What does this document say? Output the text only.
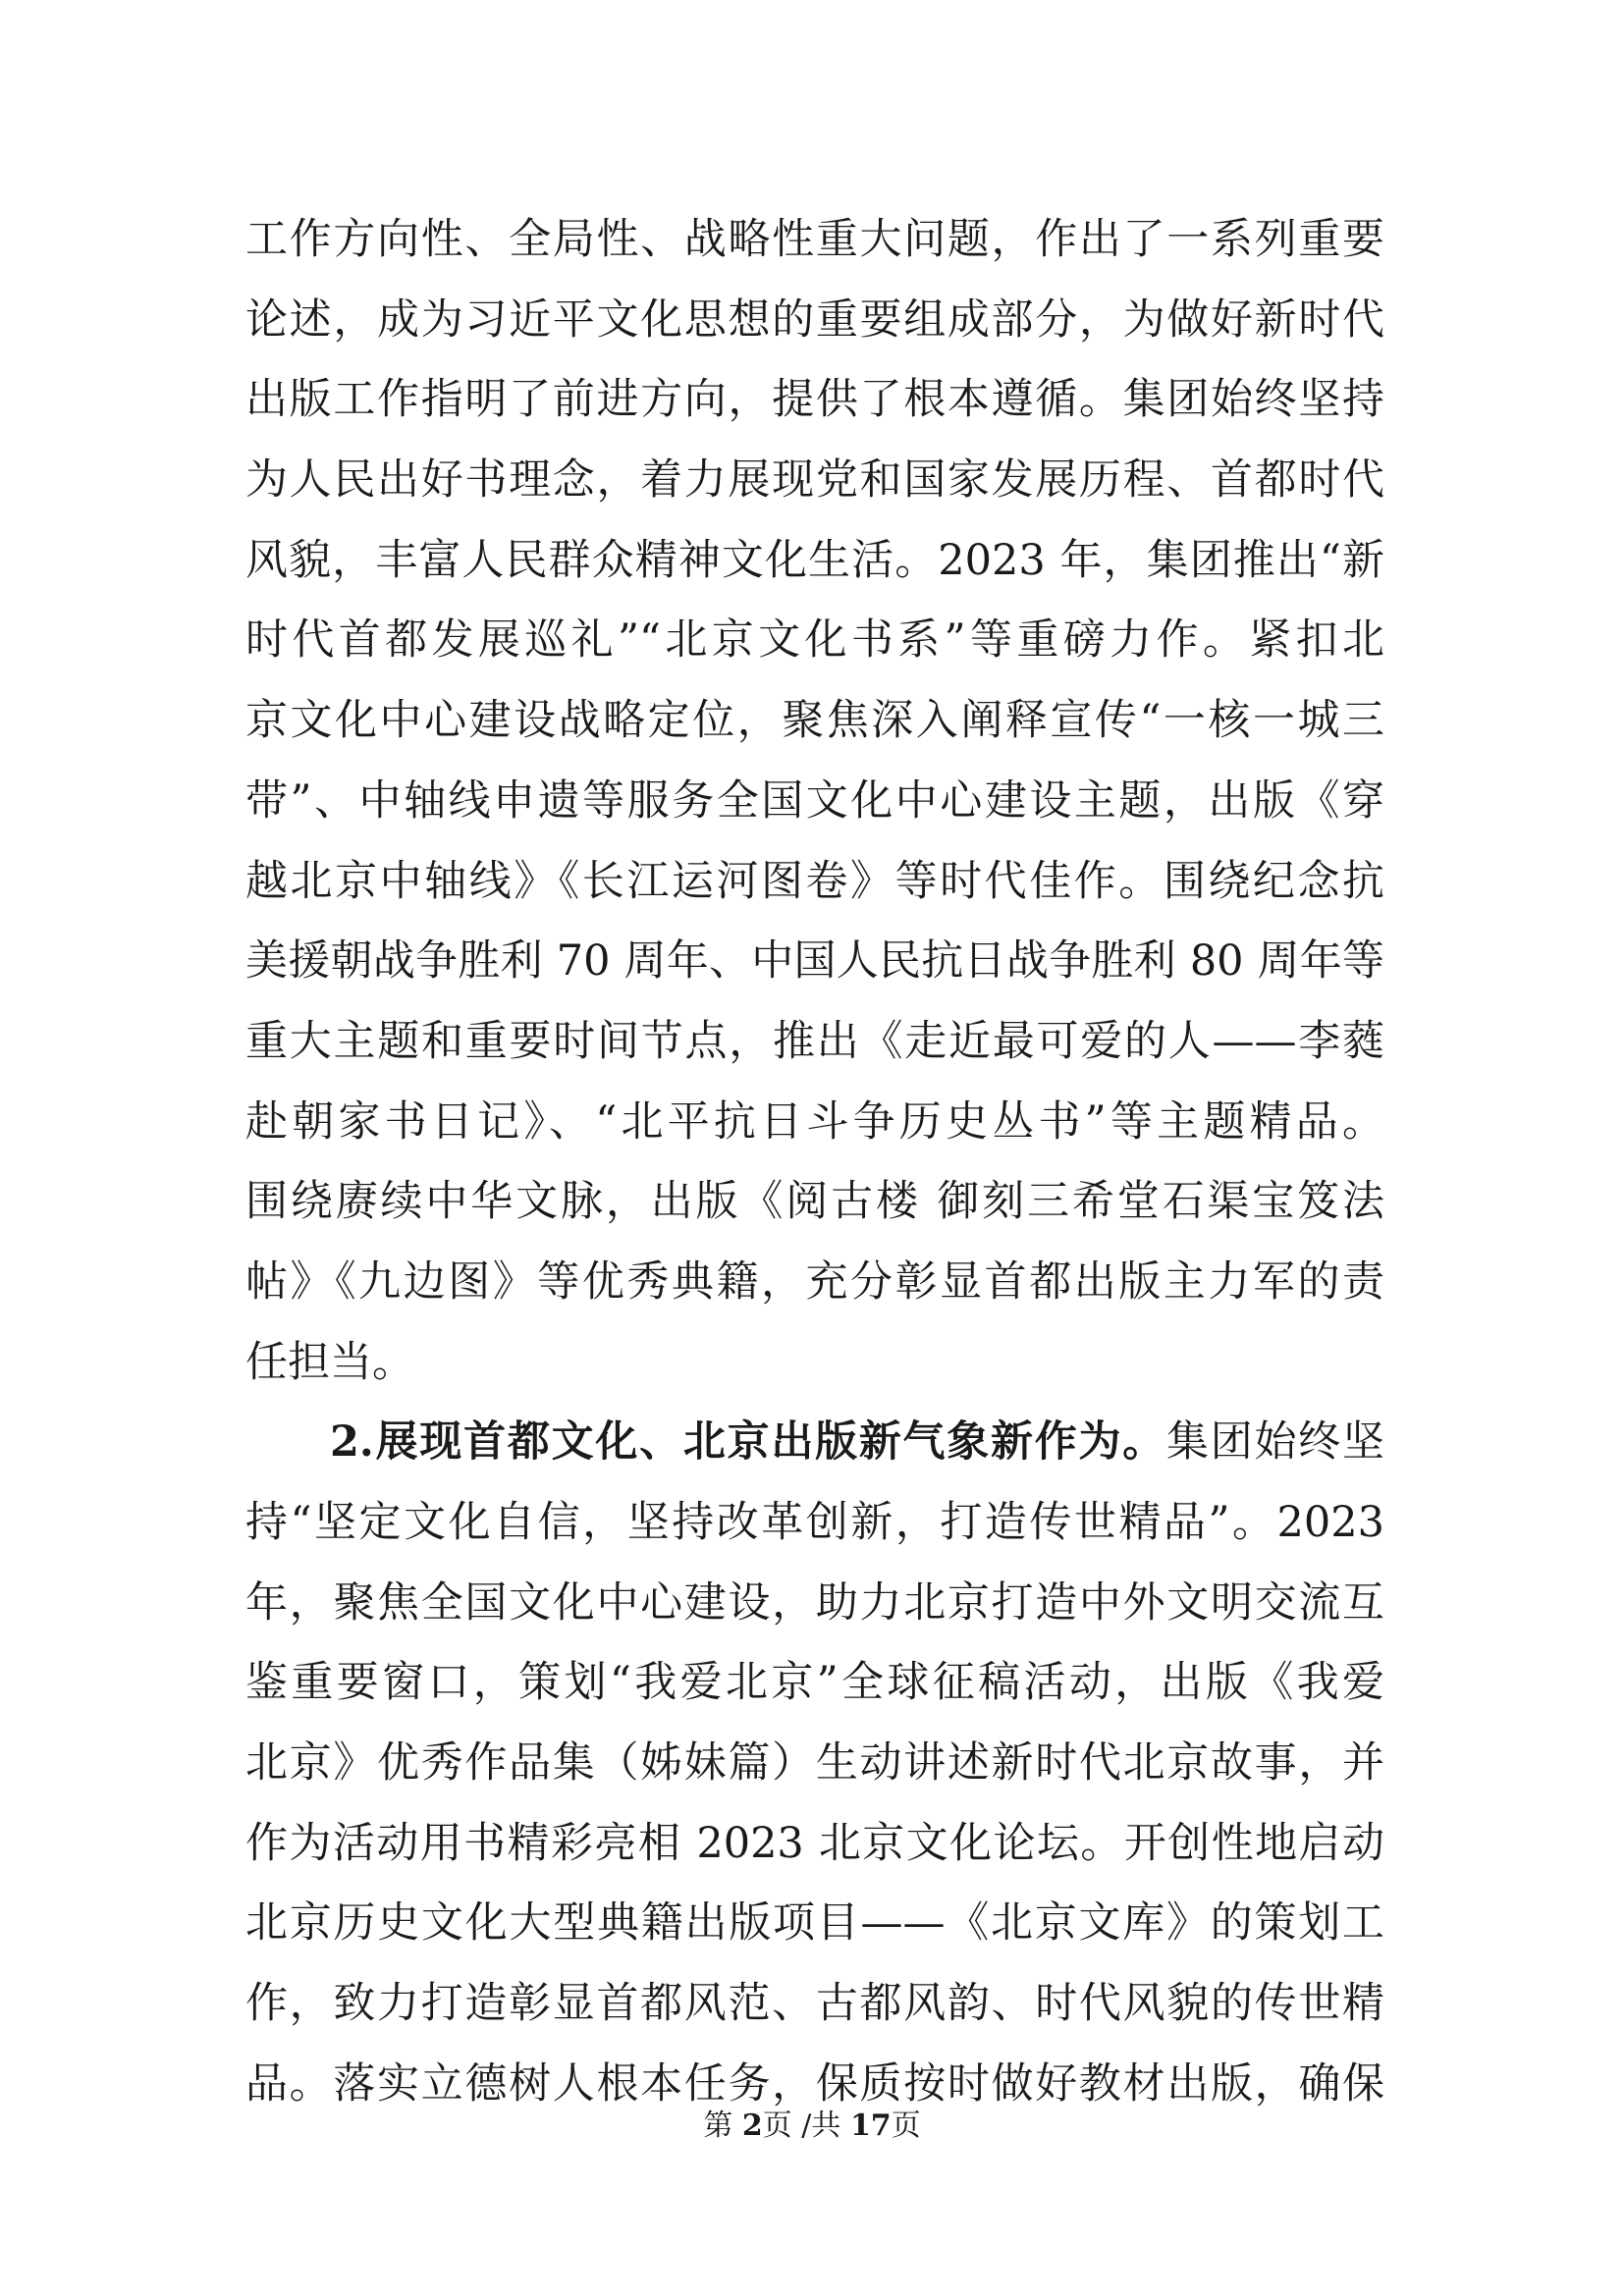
工作方向性、全局性、战略性重大问题，作出了一系列重要
论述，成为习近平文化思想的重要组成部分，为做好新时代
出版工作指明了前进方向，提供了根本遵循。集团始终坚持
为人民出好书理念，着力展现党和国家发展历程、首都时代
风貌，丰富人民群众精神文化生活。2023 年，集团推出“新
时代首都发展巡礼”“北京文化书系”等重磅力作。紧扣北
京文化中心建设战略定位，聚焦深入阐释宣传“一核一城三
带”、中轴线申遗等服务全国文化中心建设主题，出版《穿
越北京中轴线》《长江运河图卷》等时代佳作。围绕纪念抗
美援朝战争胜利 70 周年、中国人民抗日战争胜利 80 周年等
重大主题和重要时间节点，推出《走近最可爱的人——李蕤
赴朝家书日记》、“北平抗日斗争历史丛书”等主题精品。
围绕赓续中华文脉，出版《阅古楼 御刻三希堂石渠宝笈法
帖》《九边图》等优秀典籍，充分彰显首都出版主力军的责
任担当。
2.展现首都文化、北京出版新气象新作为。集团始终坚
持“坚定文化自信，坚持改革创新，打造传世精品”。2023
年，聚焦全国文化中心建设，助力北京打造中外文明交流互
鉴重要窗口，策划“我爱北京”全球征稿活动，出版《我爱
北京》优秀作品集（姊妹篇）生动讲述新时代北京故事，并
作为活动用书精彩亮相 2023 北京文化论坛。开创性地启动
北京历史文化大型典籍出版项目——《北京文库》的策划工
作，致力打造彰显首都风范、古都风韵、时代风貌的传世精
品。落实立德树人根本任务，保质按时做好教材出版，确保
第 2页 /共 17页
